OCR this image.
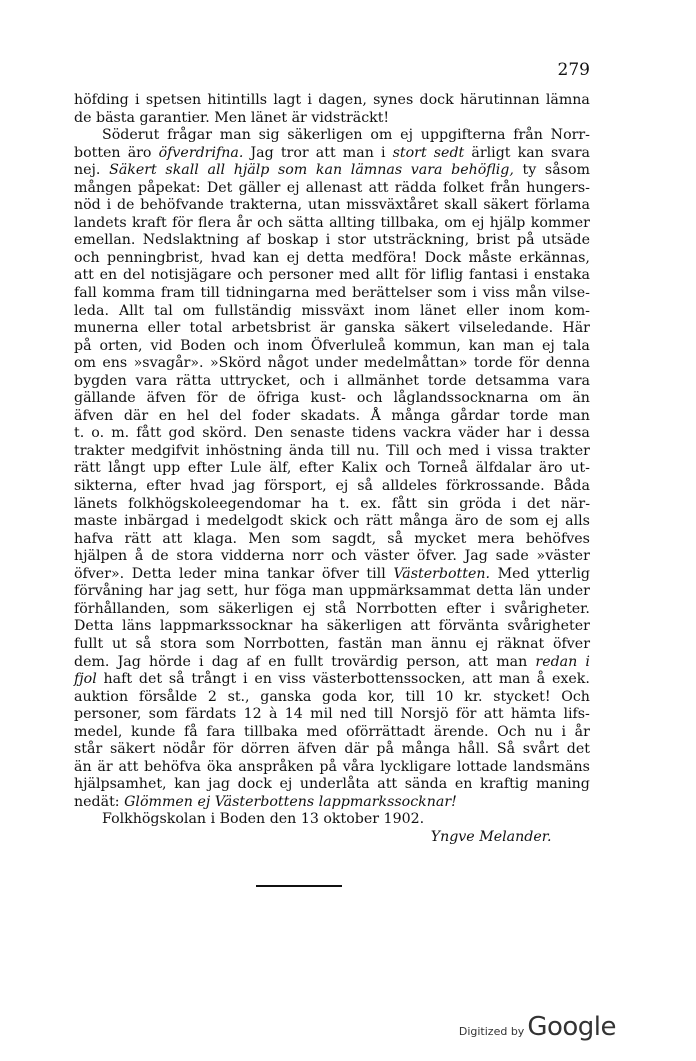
279
höfding i spetsen hitintills lagt i dagen, synes dock härutinnan lämna
de bästa garantier. Men länet är vidsträckt!
Söderut frågar man sig säkerligen om ej uppgifterna från Norr-
botten äro öfverdrifna. Jag tror att man i stort sedt ärligt kan svara
nej. Säkert skall all hjälp som kan lämnas vara behöflig, ty såsom
mången påpekat: Det gäller ej allenast att rädda folket från hungers-
nöd i de behöfvande trakterna, utan missväxtåret skall säkert förlama
landets kraft för flera år och sätta allting tillbaka, om ej hjälp kommer
emellan. Nedslaktning af boskap i stor utsträckning, brist på utsäde
och penningbrist, hvad kan ej detta medföra! Dock måste erkännas,
att en del notisjägare och personer med allt för liflig fantasi i enstaka
fall komma fram till tidningarna med berättelser som i viss mån vilse-
leda. Allt tal om fullständig missväxt inom länet eller inom kom-
munerna eller total arbetsbrist är ganska säkert vilseledande. Här
på orten, vid Boden och inom Öfverluleå kommun, kan man ej tala
om ens »svagår». »Skörd något under medelmåttan» torde för denna
bygden vara rätta uttrycket, och i allmänhet torde detsamma vara
gällande äfven för de öfriga kust- och låglandssocknarna om än
äfven där en hel del foder skadats. Å många gårdar torde man
t. o. m. fått god skörd. Den senaste tidens vackra väder har i dessa
trakter medgifvit inhöstning ända till nu. Till och med i vissa trakter
rätt långt upp efter Lule älf, efter Kalix och Torneå älfdalar äro ut-
sikterna, efter hvad jag försport, ej så alldeles förkrossande. Båda
länets folkhögskoleegendomar ha t. ex. fått sin gröda i det när-
maste inbärgad i medelgodt skick och rätt många äro de som ej alls
hafva rätt att klaga. Men som sagdt, så mycket mera behöfves
hjälpen å de stora vidderna norr och väster öfver. Jag sade »väster
öfver». Detta leder mina tankar öfver till Västerbotten. Med ytterlig
förvåning har jag sett, hur föga man uppmärksammat detta län under
förhållanden, som säkerligen ej stå Norrbotten efter i svårigheter.
Detta läns lappmarkssocknar ha säkerligen att förvänta svårigheter
fullt ut så stora som Norrbotten, fastän man ännu ej räknat öfver
dem. Jag hörde i dag af en fullt trovärdig person, att man redan i
fjol haft det så trångt i en viss västerbottenssocken, att man å exek.
auktion försålde 2 st., ganska goda kor, till 10 kr. stycket! Och
personer, som färdats 12 à 14 mil ned till Norsjö för att hämta lifs-
medel, kunde få fara tillbaka med oförrättadt ärende. Och nu i år
står säkert nödår för dörren äfven där på många håll. Så svårt det
än är att behöfva öka anspråken på våra lyckligare lottade landsmäns
hjälpsamhet, kan jag dock ej underlåta att sända en kraftig maning
nedät:
Glömmen ej Västerbottens lappmarkssocknar!

Folkhögskolan i Boden den 13 oktober 1902.
Yngve Melander.

Digitized by Google
